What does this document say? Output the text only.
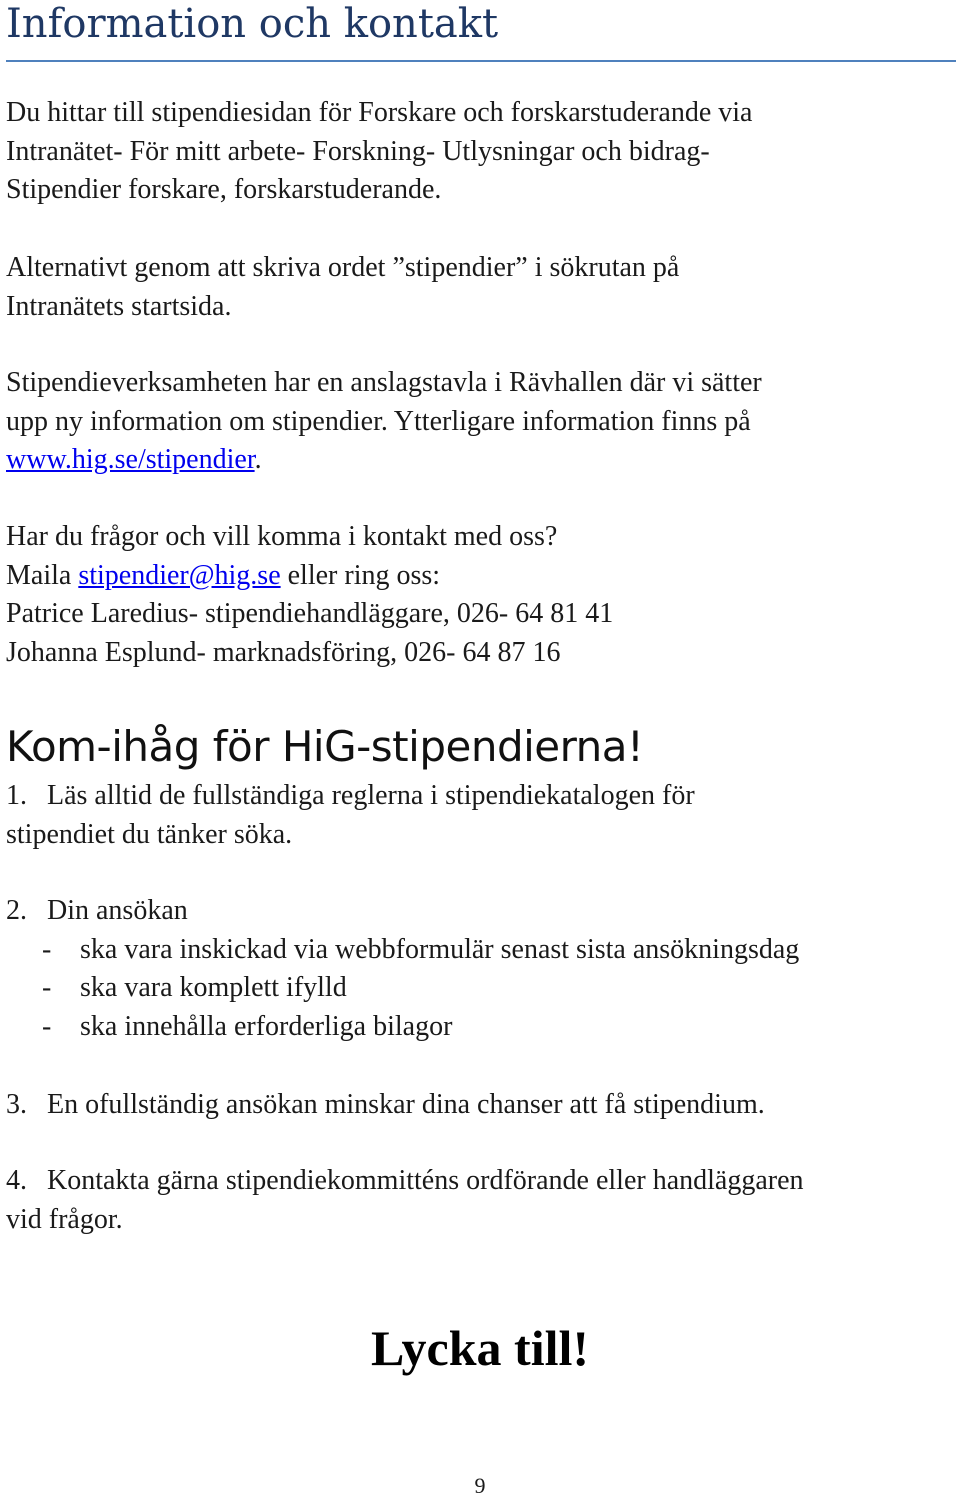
Information och kontakt

Du hittar till stipendiesidan för Forskare och forskarstuderande via
Intranätet- För mitt arbete- Forskning- Utlysningar och bidrag-
Stipendier forskare, forskarstuderande.

Alternativt genom att skriva ordet ”stipendier” i sökrutan på
Intranätets startsida.

Stipendieverksamheten har en anslagstavla i Rävhallen där vi sätter
upp ny information om stipendier. Ytterligare information finns på
www.hig.se/stipendier.

Har du frågor och vill komma i kontakt med oss?
Maila stipendier@hig.se eller ring oss:
Patrice Laredius- stipendiehandläggare, 026- 64 81 41
Johanna Esplund- marknadsföring, 026- 64 87 16

Kom-ihåg för HiG-stipendierna!

1. Läs alltid de fullständiga reglerna i stipendiekatalogen för
stipendiet du tänker söka.

2. Din ansökan

- ska vara inskickad via webbformulär senast sista ansökningsdag

- ska vara komplett ifylld

- ska innehålla erforderliga bilagor

3. En ofullständig ansökan minskar dina chanser att få stipendium.

4. Kontakta gärna stipendiekommitténs ordförande eller handläggaren
vid frågor.

Lycka till!

9
